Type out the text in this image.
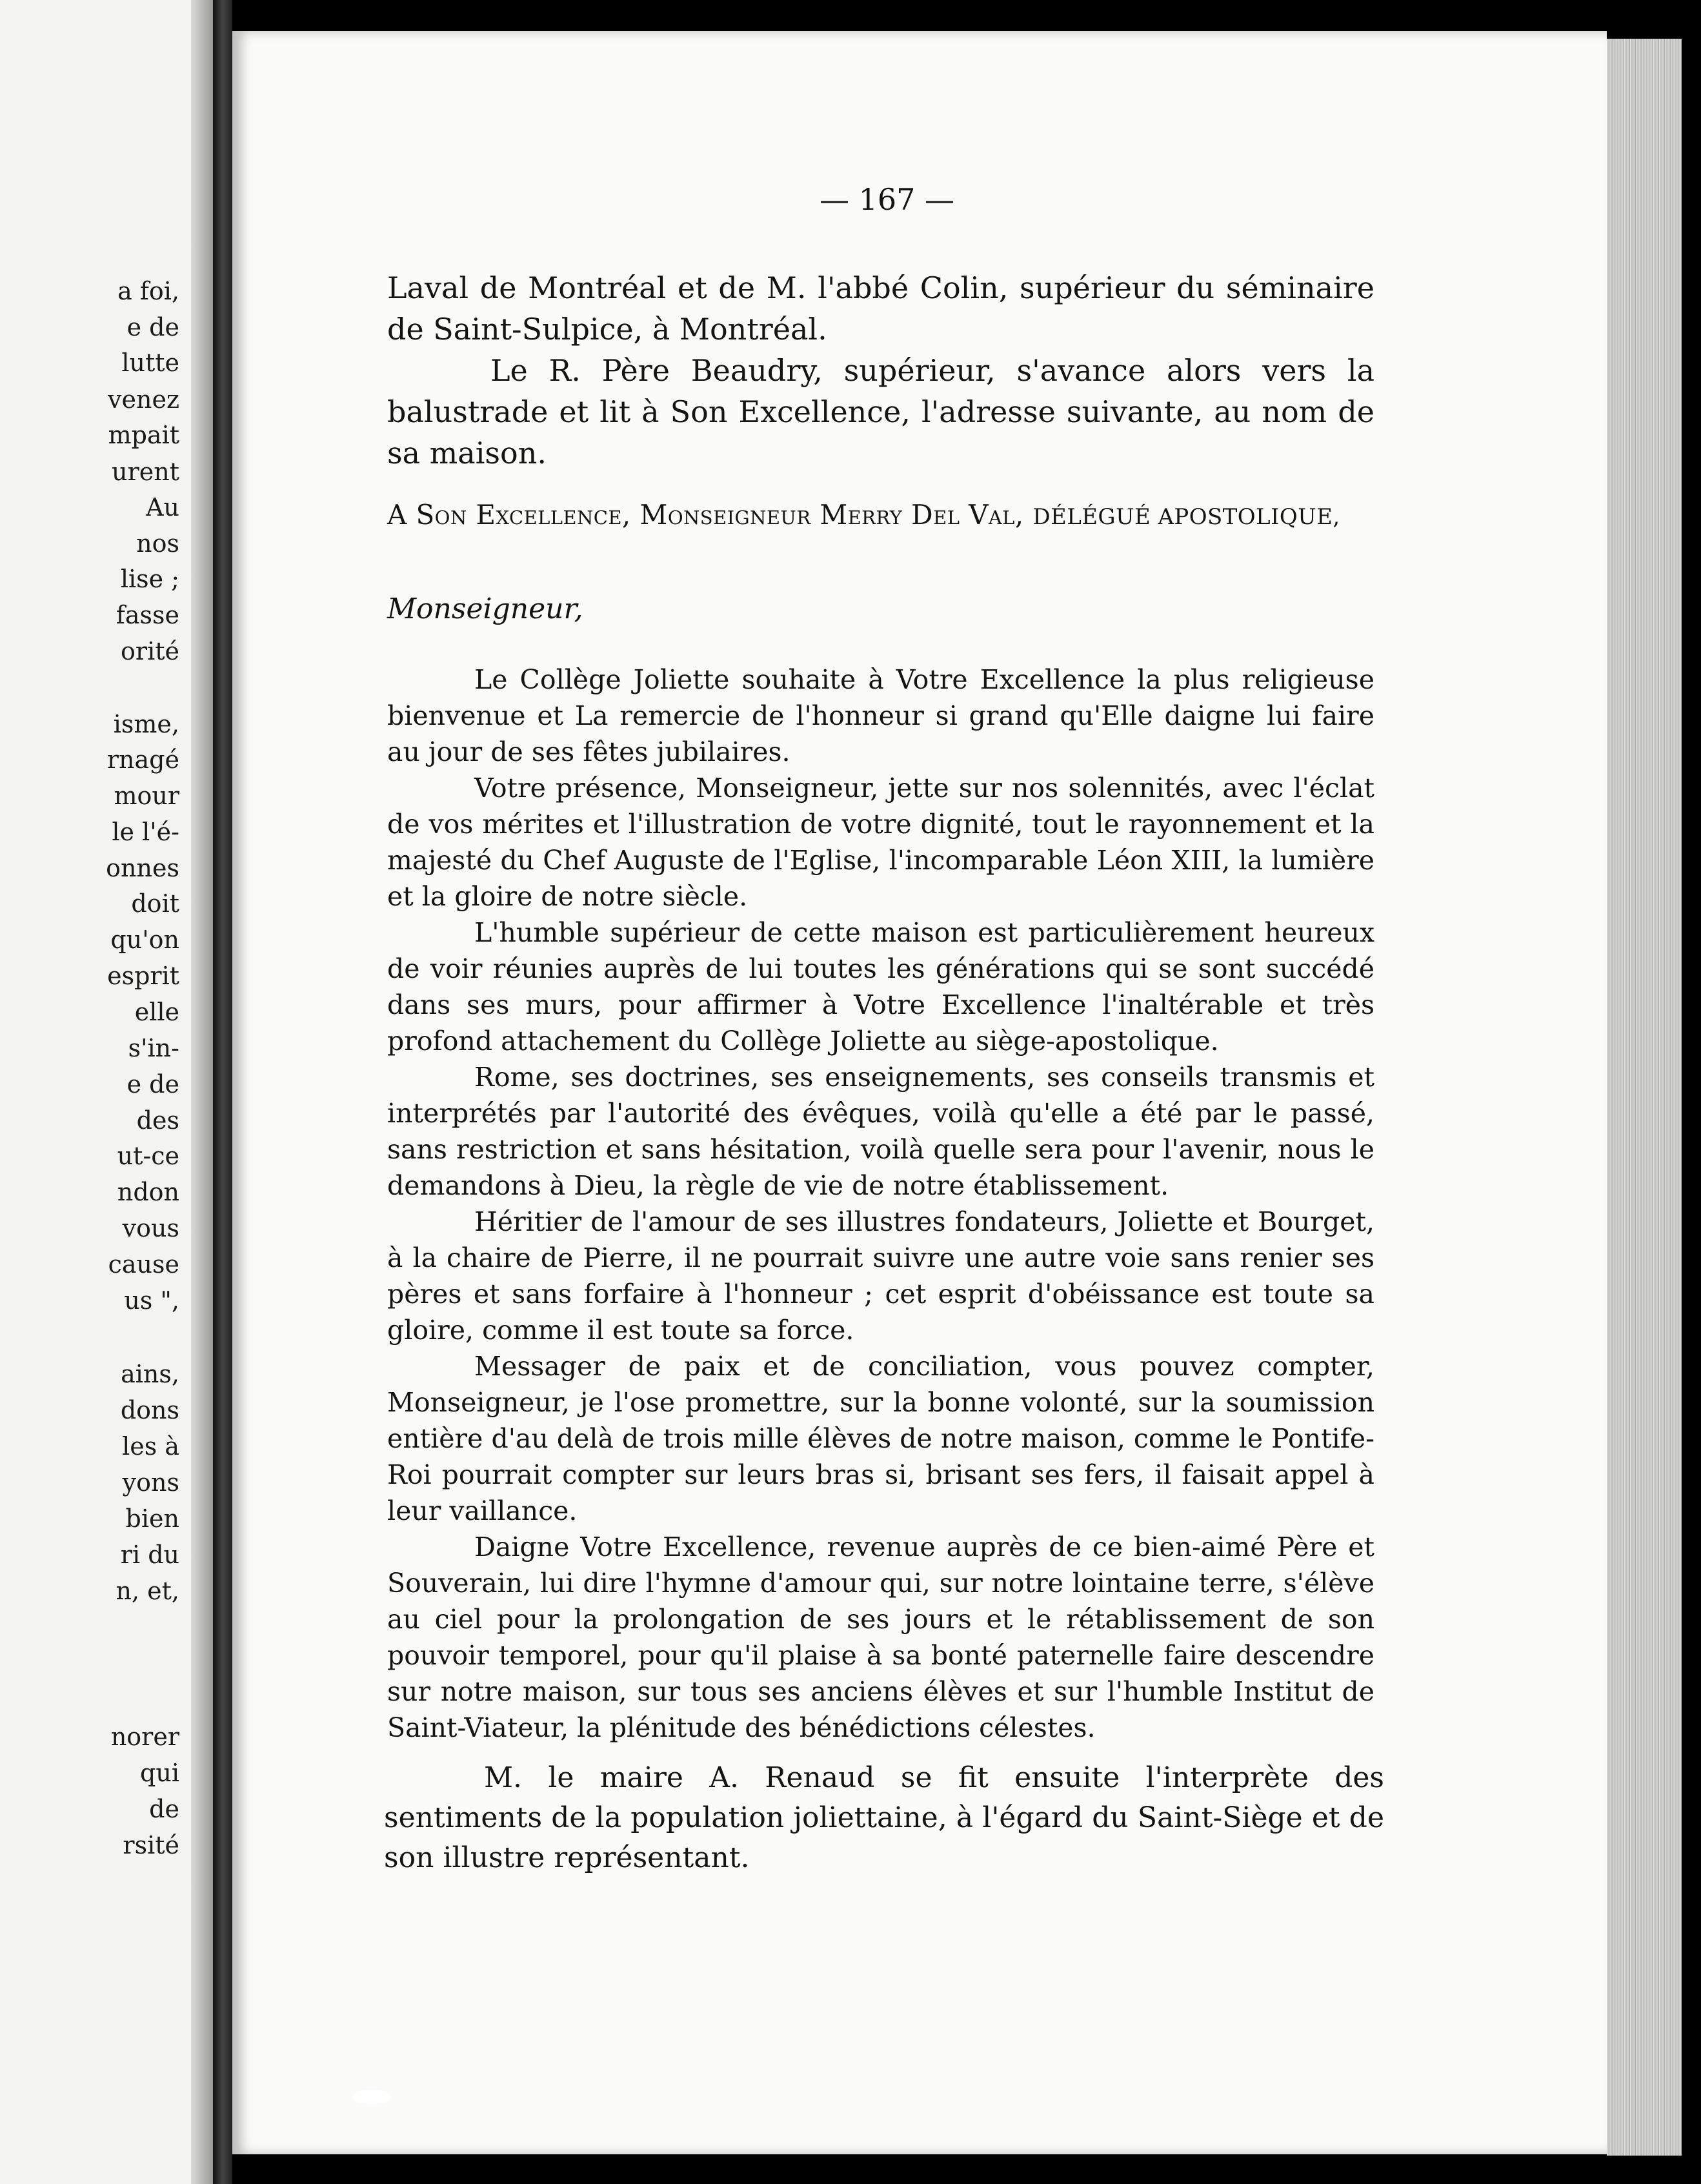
a foi,
e de
lutte
venez
mpait
urent
Au
nos
lise ;
fasse
orité
isme,
rnagé
mour
le l'é-
onnes
doit
qu'on
esprit
elle
s'in-
e de
des
ut-ce
ndon
vous
cause
us ",
ains,
dons
les à
yons
bien
ri du
n, et,
norer
qui
de
rsité
— 167 —

Laval de Montréal et de M. l'abbé Colin, supérieur du séminaire de Saint-Sulpice, à Montréal.

Le R. Père Beaudry, supérieur, s'avance alors vers la balustrade et lit à Son Excellence, l'adresse suivante, au nom de sa maison.

A Son Excellence, Monseigneur Merry Del Val, DÉLÉGUÉ APOSTOLIQUE,
Monseigneur,

Le Collège Joliette souhaite à Votre Excellence la plus religieuse bienvenue et La remercie de l'honneur si grand qu'Elle daigne lui faire au jour de ses fêtes jubilaires.

Votre présence, Monseigneur, jette sur nos solennités, avec l'éclat de vos mérites et l'illustration de votre dignité, tout le rayonnement et la majesté du Chef Auguste de l'Eglise, l'incomparable Léon XIII, la lumière et la gloire de notre siècle.

L'humble supérieur de cette maison est particulièrement heureux de voir réunies auprès de lui toutes les générations qui se sont succédé dans ses murs, pour affirmer à Votre Excellence l'inaltérable et très profond attachement du Collège Joliette au siège-apostolique.

Rome, ses doctrines, ses enseignements, ses conseils transmis et interprétés par l'autorité des évêques, voilà qu'elle a été par le passé, sans restriction et sans hésitation, voilà quelle sera pour l'avenir, nous le demandons à Dieu, la règle de vie de notre établissement.

Héritier de l'amour de ses illustres fondateurs, Joliette et Bourget, à la chaire de Pierre, il ne pourrait suivre une autre voie sans renier ses pères et sans forfaire à l'honneur ; cet esprit d'obéissance est toute sa gloire, comme il est toute sa force.

Messager de paix et de conciliation, vous pouvez compter, Monseigneur, je l'ose promettre, sur la bonne volonté, sur la soumission entière d'au delà de trois mille élèves de notre maison, comme le Pontife-Roi pourrait compter sur leurs bras si, brisant ses fers, il faisait appel à leur vaillance.

Daigne Votre Excellence, revenue auprès de ce bien-aimé Père et Souverain, lui dire l'hymne d'amour qui, sur notre lointaine terre, s'élève au ciel pour la prolongation de ses jours et le rétablissement de son pouvoir temporel, pour qu'il plaise à sa bonté paternelle faire descendre sur notre maison, sur tous ses anciens élèves et sur l'humble Institut de Saint-Viateur, la plénitude des bénédictions célestes.

M. le maire A. Renaud se fit ensuite l'interprète des sentiments de la population joliettaine, à l'égard du Saint-Siège et de son illustre représentant.
